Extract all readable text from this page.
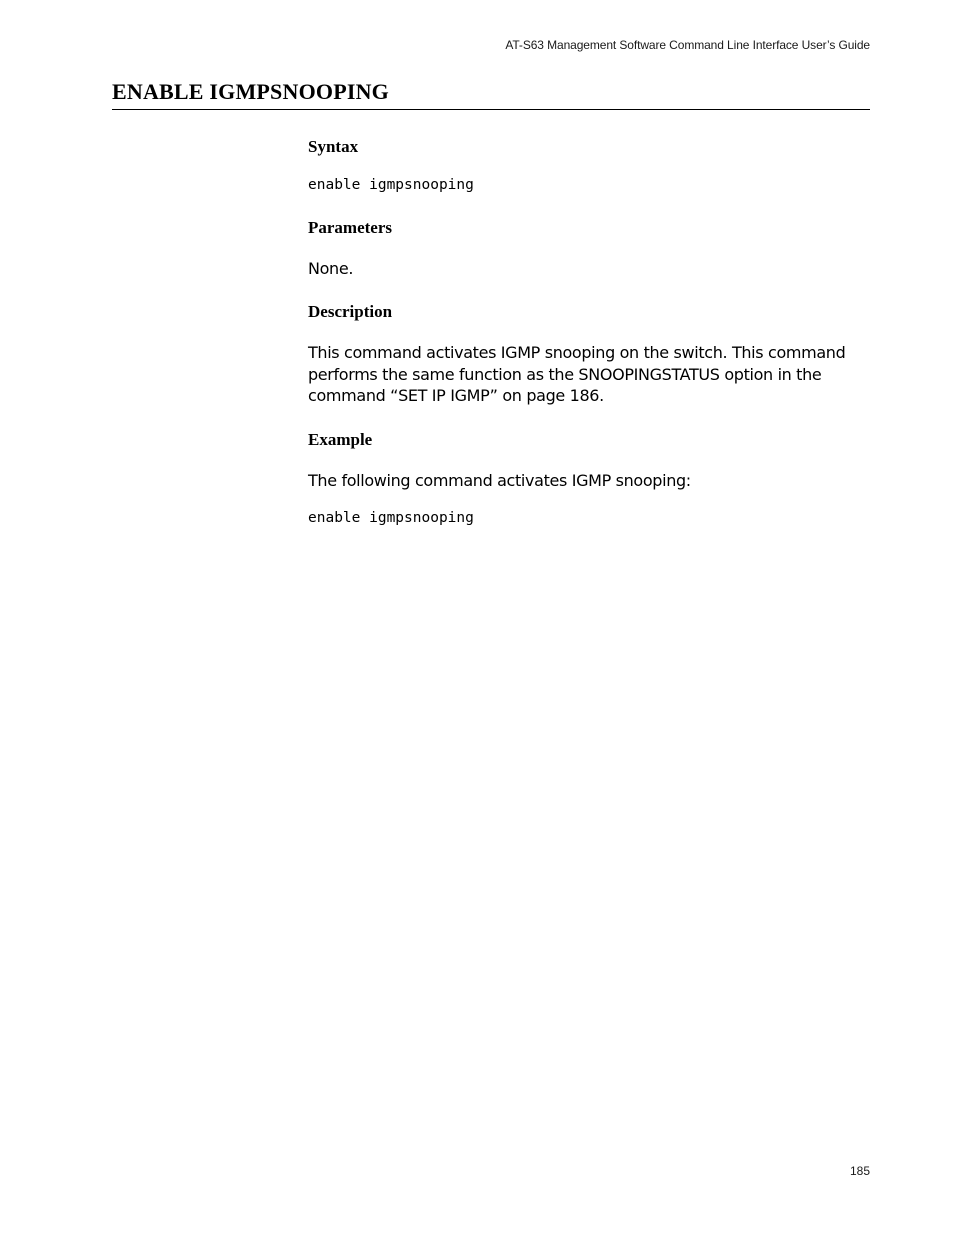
AT-S63 Management Software Command Line Interface User’s Guide
ENABLE IGMPSNOOPING
Syntax
enable igmpsnooping
Parameters

None.

Description

This command activates IGMP snooping on the switch. This command performs the same function as the SNOOPINGSTATUS option in the command “SET IP IGMP” on page 186.

Example

The following command activates IGMP snooping:

enable igmpsnooping
185
